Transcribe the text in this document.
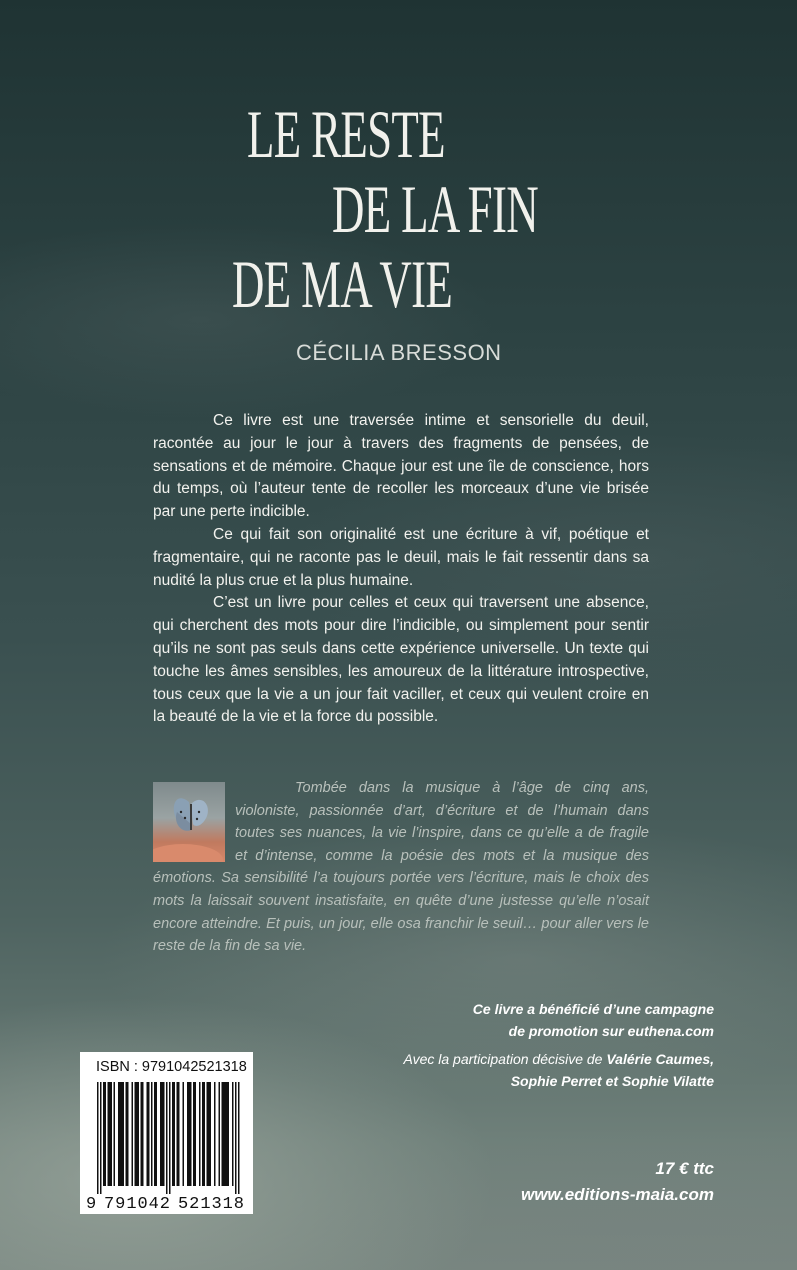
LE RESTE
DE LA FIN
DE MA VIE
CÉCILIA BRESSON

Ce livre est une traversée intime et sensorielle du deuil, racontée au jour le jour à travers des fragments de pensées, de sensations et de mémoire. Chaque jour est une île de conscience, hors du temps, où l’auteur tente de recoller les morceaux d’une vie brisée par une perte indicible.

Ce qui fait son originalité est une écriture à vif, poétique et fragmentaire, qui ne raconte pas le deuil, mais le fait ressentir dans sa nudité la plus crue et la plus humaine.

C’est un livre pour celles et ceux qui traversent une absence, qui cherchent des mots pour dire l’indicible, ou simplement pour sentir qu’ils ne sont pas seuls dans cette expérience universelle. Un texte qui touche les âmes sensibles, les amoureux de la littérature introspective, tous ceux que la vie a un jour fait vaciller, et ceux qui veulent croire en la beauté de la vie et la force du possible.

Tombée dans la musique à l’âge de cinq ans, violoniste, passionnée d’art, d’écriture et de l’humain dans toutes ses nuances, la vie l’inspire, dans ce qu’elle a de fragile et d’intense, comme la poésie des mots et la musique des émotions. Sa sensibilité l’a toujours portée vers l’écriture, mais le choix des mots la laissait souvent insatisfaite, en quête d’une justesse qu’elle n’osait encore atteindre. Et puis, un jour, elle osa franchir le seuil… pour aller vers le reste de la fin de sa vie.
Ce livre a bénéficié d’une campagne
de promotion sur euthena.com
Avec la participation décisive de Valérie Caumes,
Sophie Perret et Sophie Vilatte
17 € ttc
www.editions-maia.com
ISBN : 9791042521318
9 791042 521318
